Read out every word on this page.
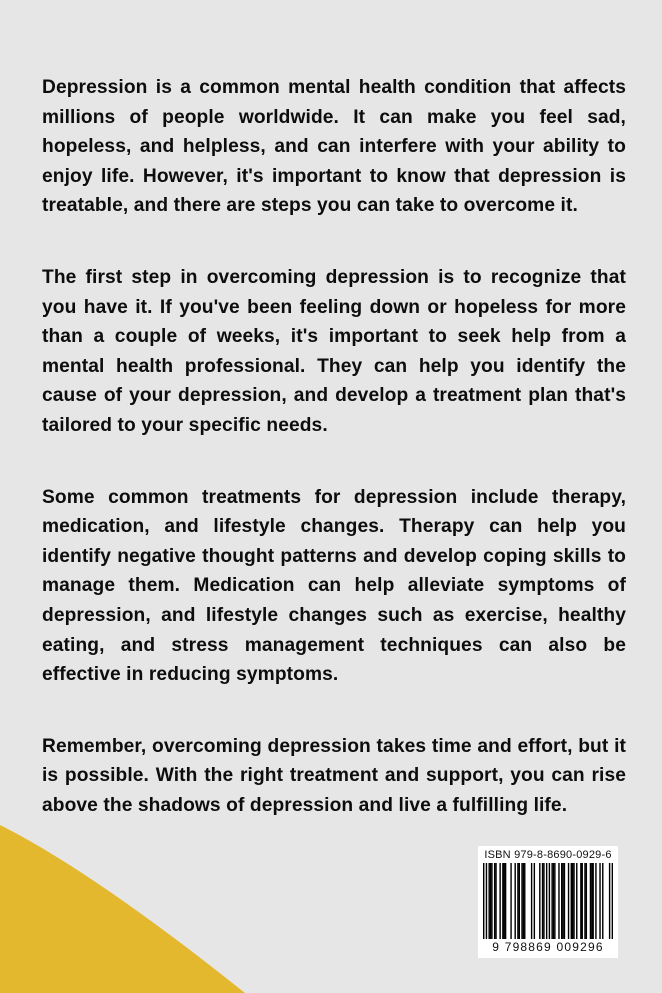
Depression is a common mental health condition that affects millions of people worldwide. It can make you feel sad, hopeless, and helpless, and can interfere with your ability to enjoy life. However, it's important to know that depression is treatable, and there are steps you can take to overcome it.

The first step in overcoming depression is to recognize that you have it. If you've been feeling down or hopeless for more than a couple of weeks, it's important to seek help from a mental health professional. They can help you identify the cause of your depression, and develop a treatment plan that's tailored to your specific needs.

Some common treatments for depression include therapy, medication, and lifestyle changes. Therapy can help you identify negative thought patterns and develop coping skills to manage them. Medication can help alleviate symptoms of depression, and lifestyle changes such as exercise, healthy eating, and stress management techniques can also be effective in reducing symptoms.

Remember, overcoming depression takes time and effort, but it is possible. With the right treatment and support, you can rise above the shadows of depression and live a fulfilling life.

ISBN 979-8-8690-0929-6
9 798869 009296
